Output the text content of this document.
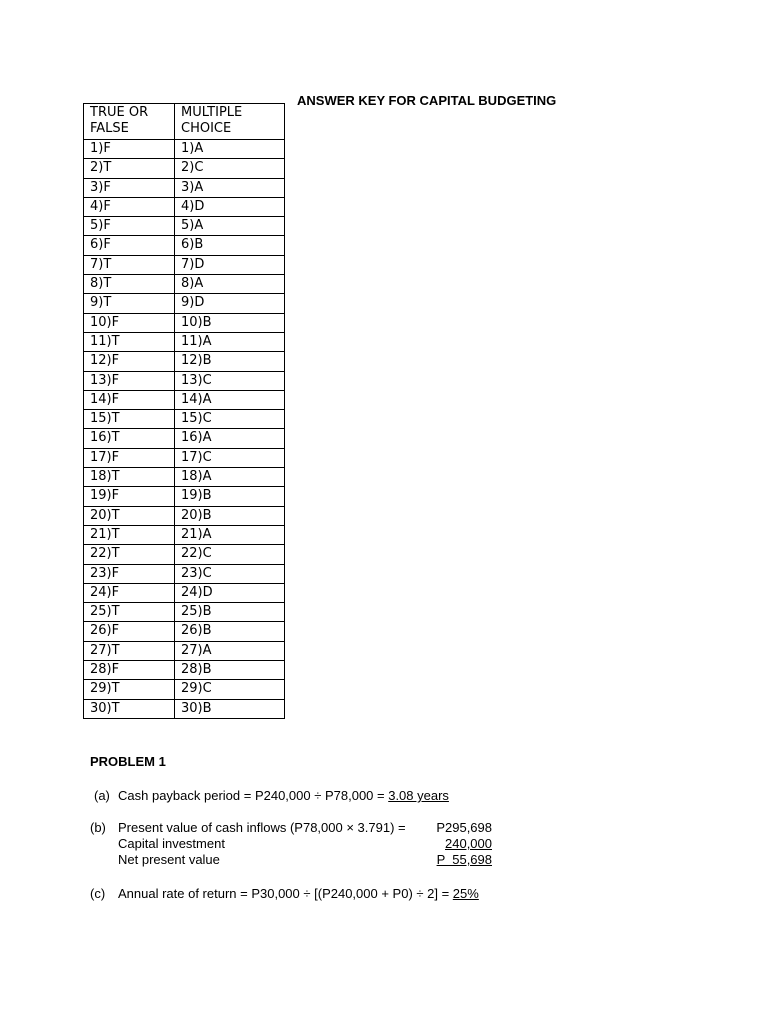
ANSWER KEY FOR CAPITAL BUDGETING
TRUE OR FALSE	MULTIPLE CHOICE
1)F	1)A
2)T	2)C
3)F	3)A
4)F	4)D
5)F	5)A
6)F	6)B
7)T	7)D
8)T	8)A
9)T	9)D
10)F	10)B
11)T	11)A
12)F	12)B
13)F	13)C
14)F	14)A
15)T	15)C
16)T	16)A
17)F	17)C
18)T	18)A
19)F	19)B
20)T	20)B
21)T	21)A
22)T	22)C
23)F	23)C
24)F	24)D
25)T	25)B
26)F	26)B
27)T	27)A
28)F	28)B
29)T	29)C
30)T	30)B
PROBLEM 1
(a) Cash payback period = P240,000 ÷ P78,000 = 3.08 years
(b) Present value of cash inflows (P78,000 × 3.791) =	P295,698
Capital investment	240,000
Net present value	P  55,698
(c) Annual rate of return = P30,000 ÷ [(P240,000 + P0) ÷ 2] = 25%
